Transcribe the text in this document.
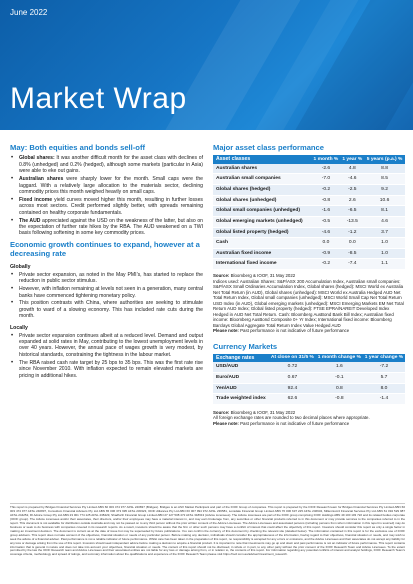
June 2022
Market Wrap
May: Both equities and bonds sell-off
• Global shares: It was another difficult month for the asset class with declines of 0.8% (unhedged) and 0.2% (hedged), although some markets (particular in Asia) were able to eke out gains.
• Australian shares were sharply lower for the month. Small caps were the laggard. With a relatively large allocation to the materials sector, declining commodity prices this month weighed heavily on small caps.
• Fixed income yield curves moved higher this month, resulting in further losses across most sectors. Credit performed slightly better, with spreads remaining contained on healthy corporate fundamentals.
• The AUD appreciated against the USD on the weakness of the latter, but also on the expectation of further rate hikes by the RBA. The AUD weakened on a TWI basis following softening in some key commodity prices.
Economic growth continues to expand, however at a decreasing rate
Globally
• Private sector expansion, as noted in the May PMI’s, has started to replace the reduction in public sector stimulus.
• However, with inflation remaining at levels not seen in a generation, many central banks have commenced tightening monetary policy.
• This position contrasts with China, where authorities are seeking to stimulate growth to ward of a slowing economy. This has included rate cuts during the month.
Locally
• Private sector expansion continues albeit at a reduced level. Demand and output expanded at solid rates in May, contributing to the lowest unemployment levels in over 40 years. However, the annual pace of wages growth is very modest, by historical standards, constraining the tightness in the labour market.
• The RBA raised cash rate target by 25 bps to 35 bps. This was the first rate rise since November 2010. With inflation expected to remain elevated markets are pricing in additional hikes.
Major asset class performance
Asset classes	1 month %	1 year %	5 years (p.a.) %
Australian shares	-2.6	4.8	8.8
Australian small companies	-7.0	-4.6	8.5
Global shares (hedged)	-0.2	-2.5	9.2
Global shares (unhedged)	-0.8	2.6	10.6
Global small companies (unhedged)	-1.6	-6.5	8.1
Global emerging markets (unhedged)	-0.5	-13.5	4.6
Global listed property (hedged)	-4.6	-1.2	3.7
Cash	0.0	0.0	1.0
Australian fixed income	-0.9	-8.5	1.0
International fixed income	-0.2	-7.4	1.1
Source: Bloomberg & IOOF, 31 May 2022
Indices used: Australian Shares: S&P/ASX 200 Accumulation Index, Australian small companies: S&P/ASX Small Ordinaries Accumulation Index, Global shares (hedged): MSCI World ex Australia Net Total Return (in AUD), Global shares (unhedged): MSCI World ex Australia Hedged AUD Net Total Return Index, Global small companies (unhedged): MSCI World Small Cap Net Total Return USD Index (in AUD), Global emerging markets (unhedged): MSCI Emerging Markets EM Net Total Return AUD Index; Global listed property (hedged): FTSE EPRA/NAREIT Developed Index Hedged in AUD Net Total Return. Cash: Bloomberg AusBond Bank Bill Index; Australian fixed income: Bloomberg AusBond Composite 0+ Yr Index; International fixed income: Bloomberg Barclays Global Aggregate Total Return Index Value Hedged AUD
Please note: Past performance is not indicative of future performance
Currency Markets
Exchange rates	At close on 31/5 %	1 month change %	1 year change %
USD/AUD	0.72	1.6	-7.2
Euro/AUD	0.67	-0.1	5.7
Yen/AUD	92.4	0.8	8.0
Trade weighted index	62.6	-0.8	-1.4
Source: Bloomberg & IOOF, 31 May 2022
All foreign exchange rates are rounded to two decimal places where appropriate.
Please note: Past performance is not indicative of future performance
This report is prepared by Bridges Financial Services Pty Limited ABN 60 003 474 977 AFSL 240837 (Bridges). Bridges is an ASX Market Participant and part of the IOOF Group of companies. This report is prepared by the IOOF Research team for Bridges Financial Services Pty Limited ABN 60 003 474 977 AFSL 240837, Consultum Financial Advisers Pty Ltd ABN 65 006 373 995 AFSL 230323, IOOF Alliances Pty Ltd ABN 60 007 994 972 AFSL 236581, Lonsdale Financial Group Limited ABN 76 006 637 225 AFSL 246934, Millennium3 Financial Services Pty Ltd ABN 61 094 529 987 AFSL 244252, RI Advice Group Pty Ltd ABN 23 001 774 125 AFSL 238429, Shadforth Financial Group Limited ABN 27 127 508 472 AFSL 318613 (Advice Licensees). The Advice Licensees are part of the IOOF group comprising IOOF Holdings ABN 49 100 103 722 and its related bodies corporate (IOOF group). The Advice Licensees and/or their associates, their directors, and/or their employees may have a material interest in, and may earn brokerage from, any securities or other financial products referred to in this document or may provide services to the companies referred to in the report. This document is not available for distribution outside Australia and may not be passed on to any third person without the prior written consent of the Advice Licensees. The Advice Licensees and associated persons (including persons from whom information in this report is sourced) may do business or seek to do business with companies covered in its research reports. As a result, investors should be aware that the firm or other such persons may have a conflict of interest that could affect the objectivity of this report. Investors should consider this report as only a single factor in making an investment decision. The document is current as at the date of issue but may be superseded by future publications. You can confirm the currency of this document by checking the relevant site (detailed below). The information contained in this report is for the exclusive use of IOOF group advisers. This report does not take account of the objectives, financial situation or needs of any particular person. Before making any decision, individuals should consider the appropriateness of the information, having regard to their objectives, financial situation or needs, and may wish to seek the advice of a financial adviser. Past performance is not a reliable indicator of future performance. Whilst care has been taken in the preparation of this report, no responsibility is accepted for any errors or omissions, and the Advice Licensees and their associates do not accept any liability for any loss or damage arising from the use of this report. Investors should seek independent advice before making a decision to acquire a financial product. It is important to note that investments may go up and down and past performance is not an indicator of future performance. This report contains information that is general in nature and does not take into account your objectives, financial situation or needs. The content of this report should not be disclosed, in whole or in part, to any other party without the prior consent of the IOOF Research Team and Advice Licensees. To the extent permitted by the law the IOOF Research team and Advice Licensees and their associated entities are not liable for any loss or damage arising from, or in relation to, the contents of this report. For information regarding any potential conflicts of interest and analyst holdings, IOOF Research Team’s coverage criteria, methodology and spread of ratings, and summary information about the qualifications and experience of the IOOF Research Team please visit https://ioof.com.au/adviser/investment_research.
